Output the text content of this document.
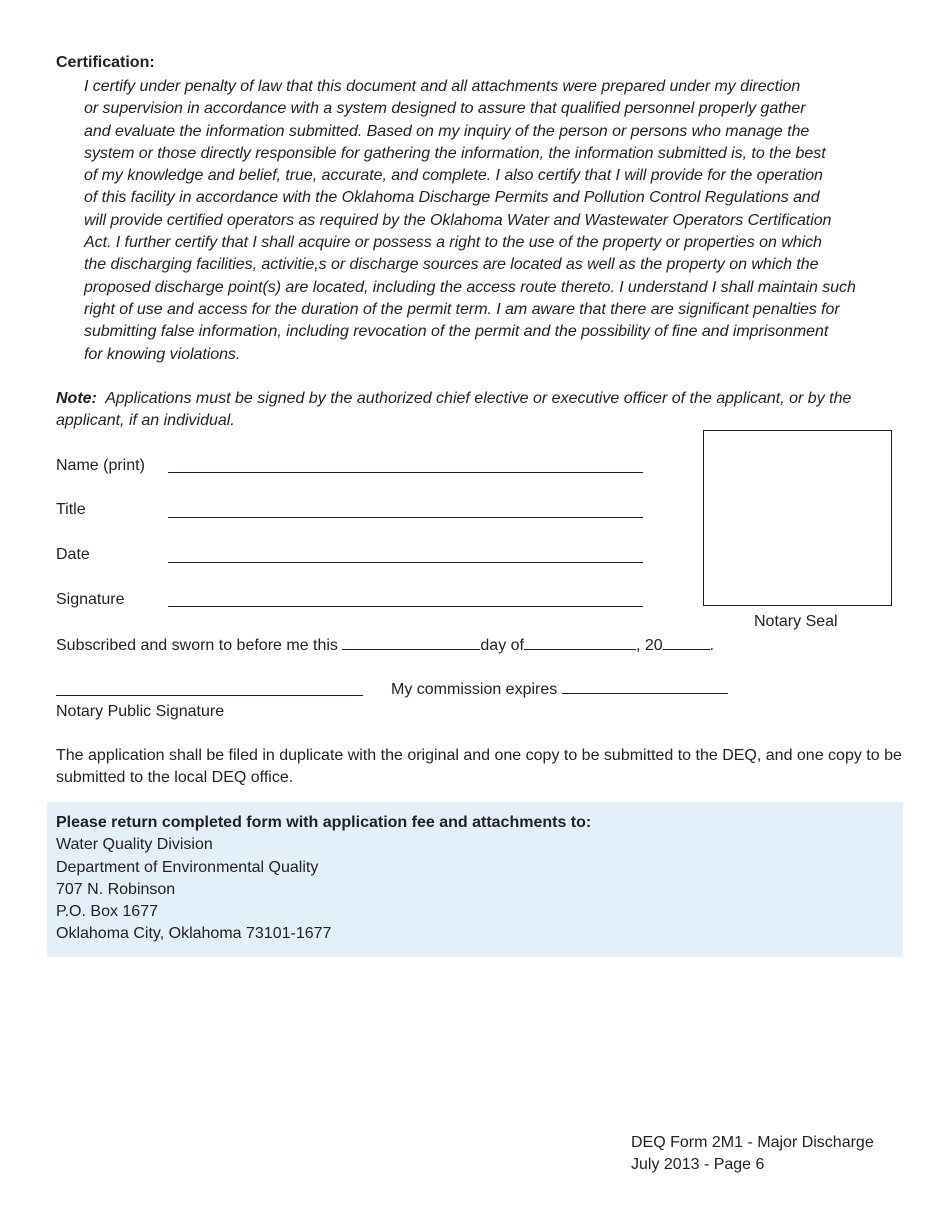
Certification:
I certify under penalty of law that this document and all attachments were prepared under my direction
or supervision in accordance with a system designed to assure that qualified personnel properly gather
and evaluate the information submitted. Based on my inquiry of the person or persons who manage the
system or those directly responsible for gathering the information, the information submitted is, to the best
of my knowledge and belief, true, accurate, and complete. I also certify that I will provide for the operation
of this facility in accordance with the Oklahoma Discharge Permits and Pollution Control Regulations and
will provide certified operators as required by the Oklahoma Water and Wastewater Operators Certification
Act. I further certify that I shall acquire or possess a right to the use of the property or properties on which
the discharging facilities, activitie,s or discharge sources are located as well as the property on which the
proposed discharge point(s) are located, including the access route thereto. I understand I shall maintain such
right of use and access for the duration of the permit term. I am aware that there are significant penalties for
submitting false information, including revocation of the permit and the possibility of fine and imprisonment
for knowing violations.
Note: Applications must be signed by the authorized chief elective or executive officer of the applicant, or by the applicant, if an individual.
Name (print)
Title
Date
Signature
Notary Seal
Subscribed and sworn to before me this	day of	, 20	.
My commission expires
Notary Public Signature
The application shall be filed in duplicate with the original and one copy to be submitted to the DEQ, and one copy to be submitted to the local DEQ office.
Please return completed form with application fee and attachments to:
Water Quality Division
Department of Environmental Quality
707 N. Robinson
P.O. Box 1677
Oklahoma City, Oklahoma 73101-1677
DEQ Form 2M1 - Major Discharge
July 2013 - Page 6
